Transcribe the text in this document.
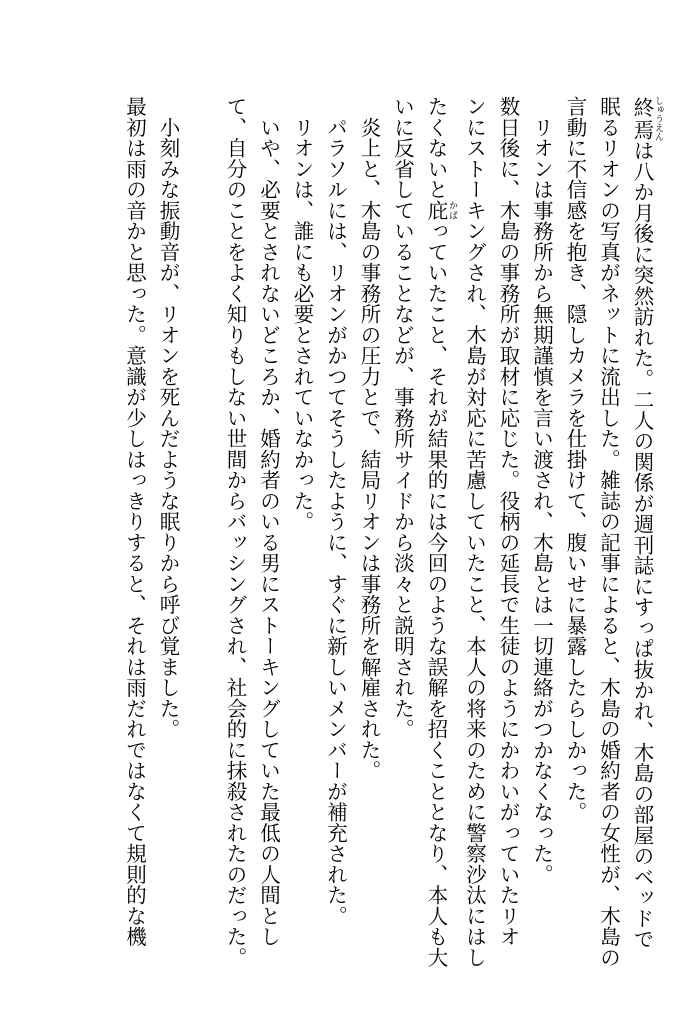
終焉 しゅうえんは八か月後に突然訪れた。二人の関係が週刊誌にすっぱ抜かれ、木島の部屋のベッドで
眠るリオンの写真がネットに流出した。雑誌の記事によると、木島の婚約者の女性が、木島の
言動に不信感を抱き、隠しカメラを仕掛けて、腹いせに暴露したらしかった。
　リオンは事務所から無期謹慎を言い渡され、木島とは一切連絡がつかなくなった。
数日後に、木島の事務所が取材に応じた。役柄の延長で生徒のようにかわいがっていたリオ
ンにストーキングされ、木島が対応に苦慮していたこと、本人の将来のために警察沙汰にはし
たくないと庇 かばっていたこと、それが結果的には今回のような誤解を招くこととなり、本人も大
いに反省していることなどが、事務所サイドから淡々と説明された。
　炎上と、木島の事務所の圧力とで、結局リオンは事務所を解雇された。
　パラソルには、リオンがかつてそうしたように、すぐに新しいメンバーが補充された。
　リオンは、誰にも必要とされていなかった。
　いや、必要とされないどころか、婚約者のいる男にストーキングしていた最低の人間とし
て、自分のことをよく知りもしない世間からバッシングされ、社会的に抹殺されたのだった。
　小刻みな振動音が、リオンを死んだような眠りから呼び覚ました。
最初は雨の音かと思った。意識が少しはっきりすると、それは雨だれではなくて規則的な機
